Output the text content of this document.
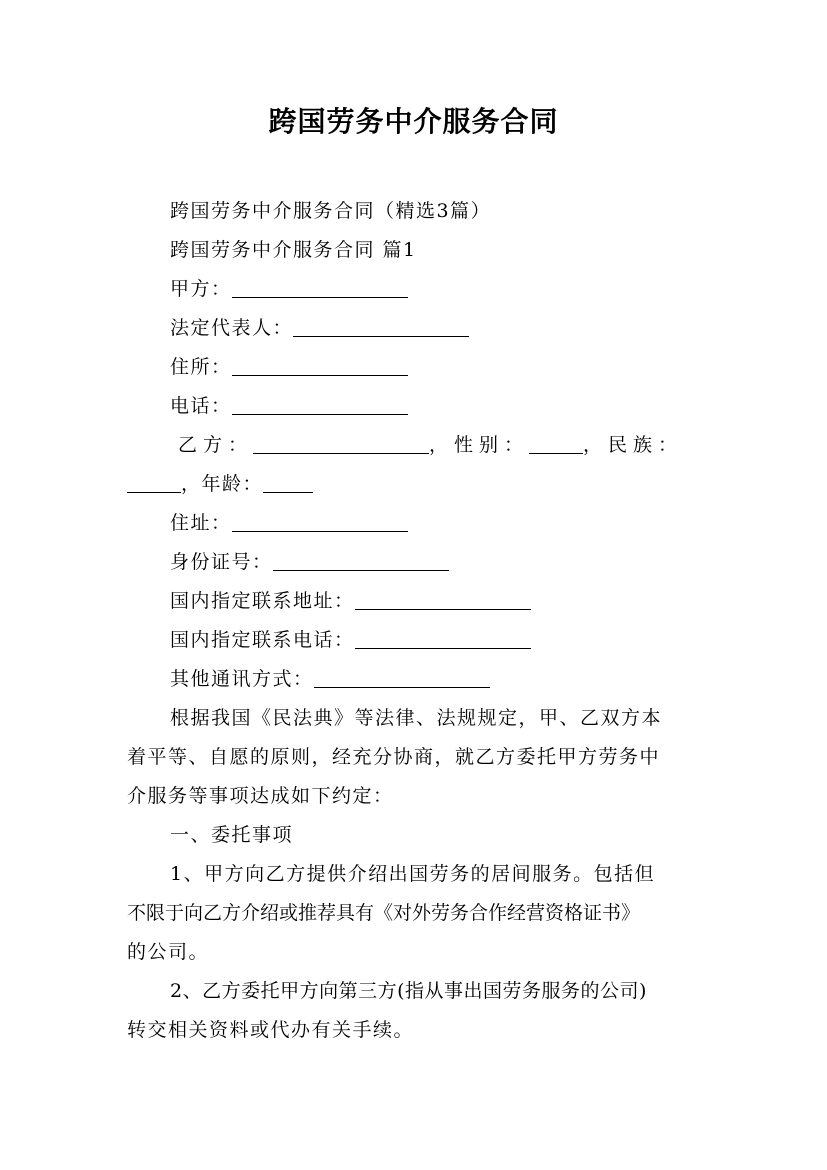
跨国劳务中介服务合同
跨国劳务中介服务合同（精选3篇）
跨国劳务中介服务合同 篇1
甲方：
法定代表人：
住所：
电话：
乙方：	，性别：	，民族：
，年龄：
住址：
身份证号：
国内指定联系地址：
国内指定联系电话：
其他通讯方式：
根据我国《民法典》等法律、法规规定，甲、乙双方本
着平等、自愿的原则，经充分协商，就乙方委托甲方劳务中
介服务等事项达成如下约定：
一、委托事项
1、甲方向乙方提供介绍出国劳务的居间服务。包括但
不限于向乙方介绍或推荐具有《对外劳务合作经营资格证书》
的公司。
2、乙方委托甲方向第三方(指从事出国劳务服务的公司)
转交相关资料或代办有关手续。
